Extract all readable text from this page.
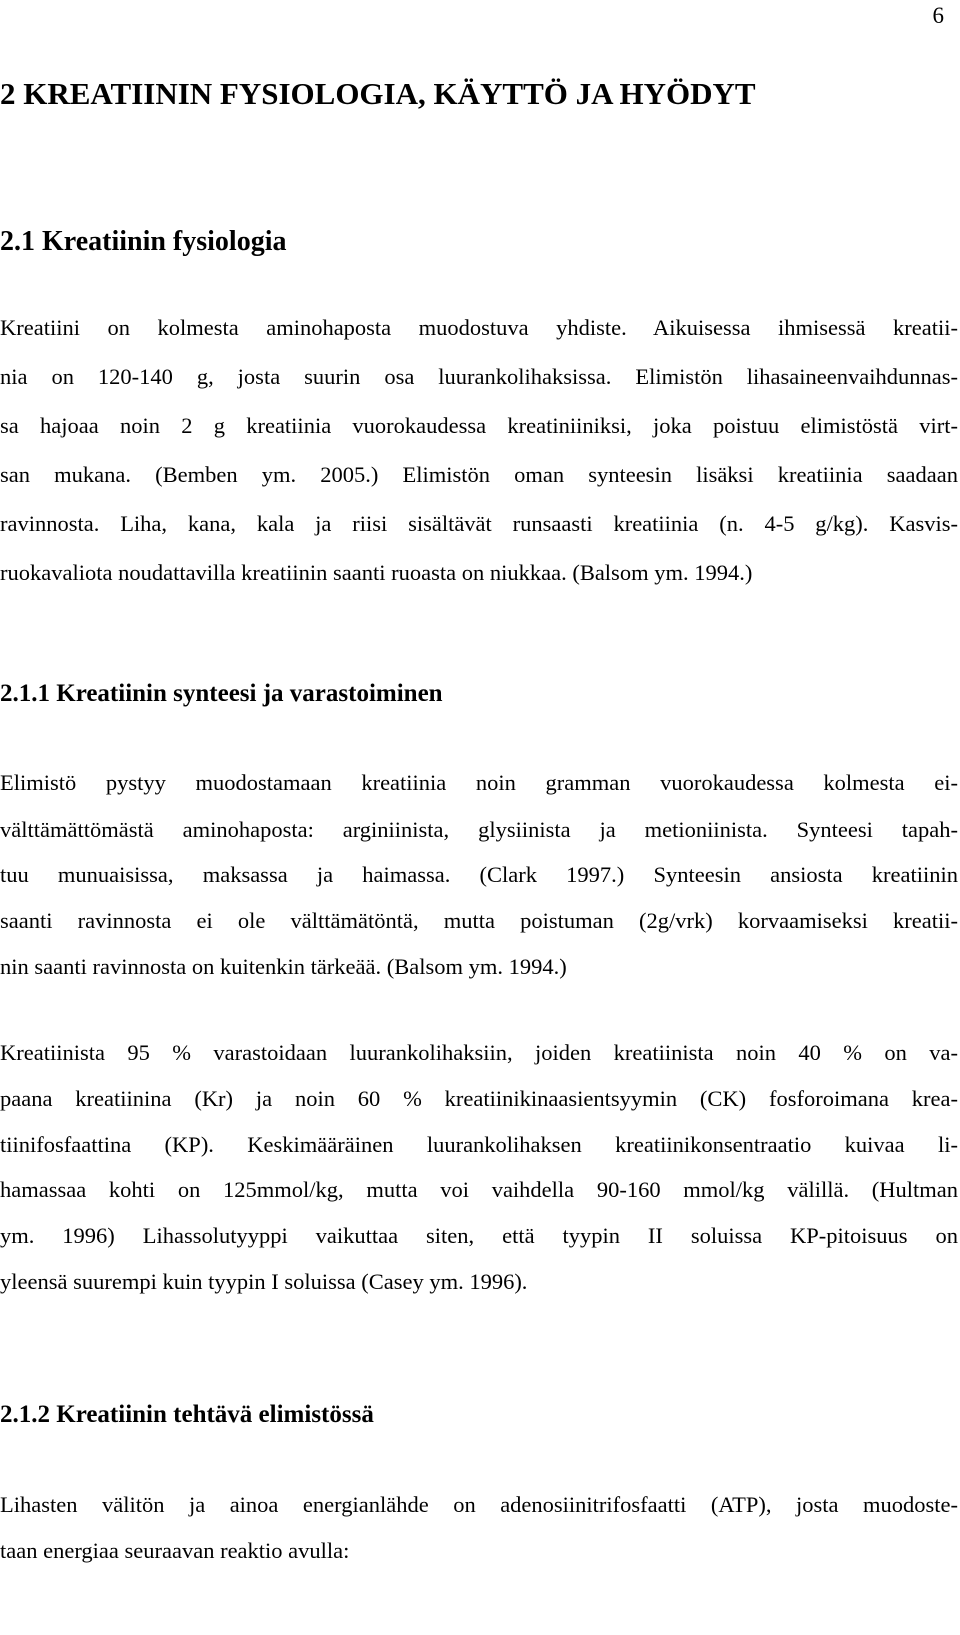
6
2 KREATIININ FYSIOLOGIA, KÄYTTÖ JA HYÖDYT
2.1 Kreatiinin fysiologia
Kreatiini on kolmesta aminohaposta muodostuva yhdiste. Aikuisessa ihmisessä kreatii-
nia on 120-140 g, josta suurin osa luurankolihaksissa. Elimistön lihasaineenvaihdunnas-
sa hajoaa noin 2 g kreatiinia vuorokaudessa kreatiniiniksi, joka poistuu elimistöstä virt-
san mukana. (Bemben ym. 2005.) Elimistön oman synteesin lisäksi kreatiinia saadaan
ravinnosta. Liha, kana, kala ja riisi sisältävät runsaasti kreatiinia (n. 4-5 g/kg). Kasvis-
ruokavaliota noudattavilla kreatiinin saanti ruoasta on niukkaa. (Balsom ym. 1994.)
2.1.1 Kreatiinin synteesi ja varastoiminen
Elimistö pystyy muodostamaan kreatiinia noin gramman vuorokaudessa kolmesta ei-
välttämättömästä aminohaposta: arginiinista, glysiinista ja metioniinista. Synteesi tapah-
tuu munuaisissa, maksassa ja haimassa. (Clark 1997.) Synteesin ansiosta kreatiinin
saanti ravinnosta ei ole välttämätöntä, mutta poistuman (2g/vrk) korvaamiseksi kreatii-
nin saanti ravinnosta on kuitenkin tärkeää. (Balsom ym. 1994.)
Kreatiinista 95 % varastoidaan luurankolihaksiin, joiden kreatiinista noin 40 % on va-
paana kreatiinina (Kr) ja noin 60 % kreatiinikinaasientsyymin (CK) fosforoimana krea-
tiinifosfaattina (KP). Keskimääräinen luurankolihaksen kreatiinikonsentraatio kuivaa li-
hamassaa kohti on 125mmol/kg, mutta voi vaihdella 90-160 mmol/kg välillä. (Hultman
ym. 1996) Lihassolutyyppi vaikuttaa siten, että tyypin II soluissa KP-pitoisuus on
yleensä suurempi kuin tyypin I soluissa (Casey ym. 1996).
2.1.2 Kreatiinin tehtävä elimistössä
Lihasten välitön ja ainoa energianlähde on adenosiinitrifosfaatti (ATP), josta muodoste-
taan energiaa seuraavan reaktio avulla:
